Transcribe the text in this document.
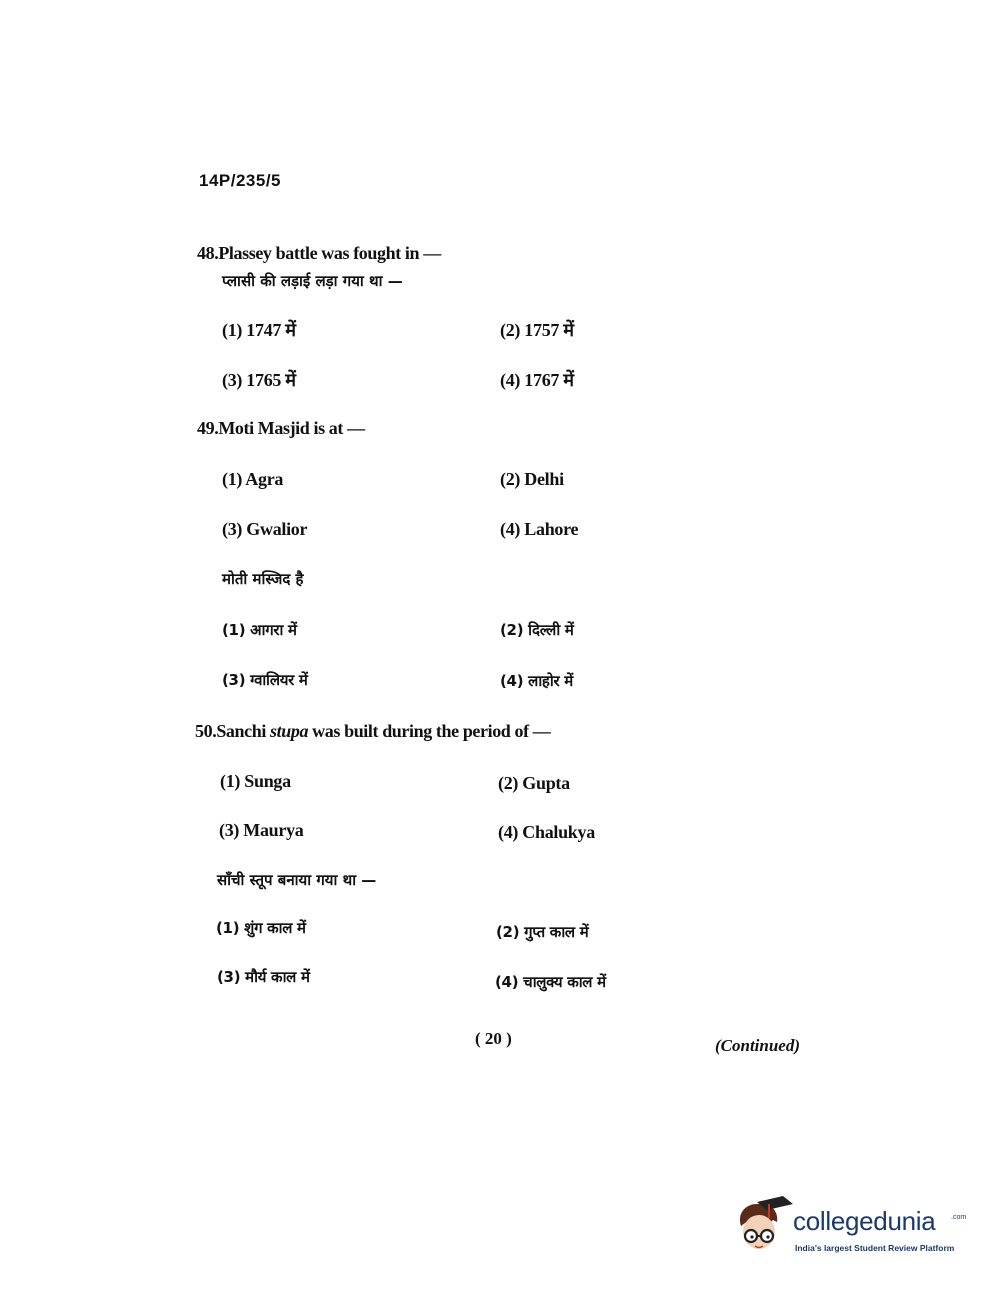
14P/235/5
48.Plassey battle was fought in —
प्लासी की लड़ाई लड़ा गया था —
(1) 1747 में	(2) 1757 में
(3) 1765 में	(4) 1767 में
49.Moti Masjid is at —
(1) Agra	(2) Delhi
(3) Gwalior	(4) Lahore
मोती मस्जिद है
(1) आगरा में	(2) दिल्ली में
(3) ग्वालियर में	(4) लाहोर में
50.Sanchi stupa was built during the period of —
(1) Sunga	(2) Gupta
(3) Maurya	(4) Chalukya
साँची स्तूप बनाया गया था —
(1) शुंग काल में	(2) गुप्त काल में
(3) मौर्य काल में	(4) चालुक्य काल में
( 20 )	(Continued)
collegedunia .com
India's largest Student Review Platform
